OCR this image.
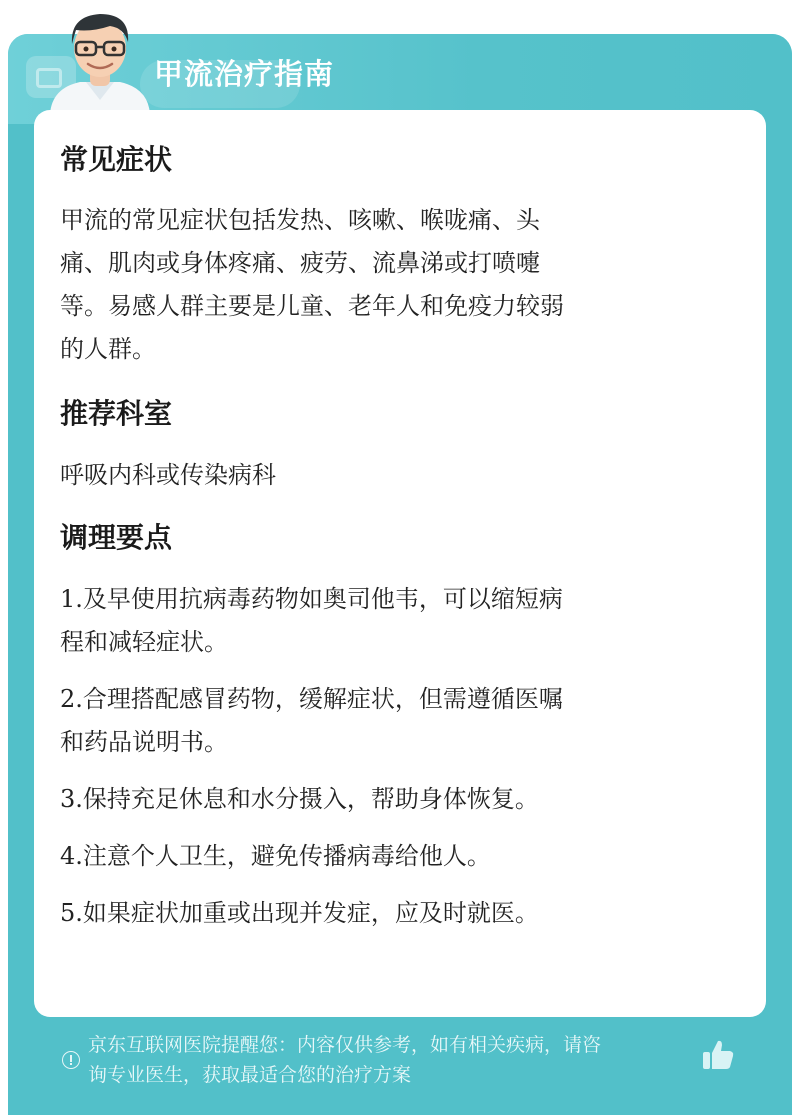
甲流治疗指南
常见症状
甲流的常见症状包括发热、咳嗽、喉咙痛、头
痛、肌肉或身体疼痛、疲劳、流鼻涕或打喷嚏
等。易感人群主要是儿童、老年人和免疫力较弱
的人群。
推荐科室
呼吸内科或传染病科
调理要点
1.及早使用抗病毒药物如奥司他韦，可以缩短病
程和减轻症状。
2.合理搭配感冒药物，缓解症状，但需遵循医嘱
和药品说明书。
3.保持充足休息和水分摄入，帮助身体恢复。
4.注意个人卫生，避免传播病毒给他人。
5.如果症状加重或出现并发症，应及时就医。
京东互联网医院提醒您：内容仅供参考，如有相关疾病，请咨
询专业医生，获取最适合您的治疗方案
